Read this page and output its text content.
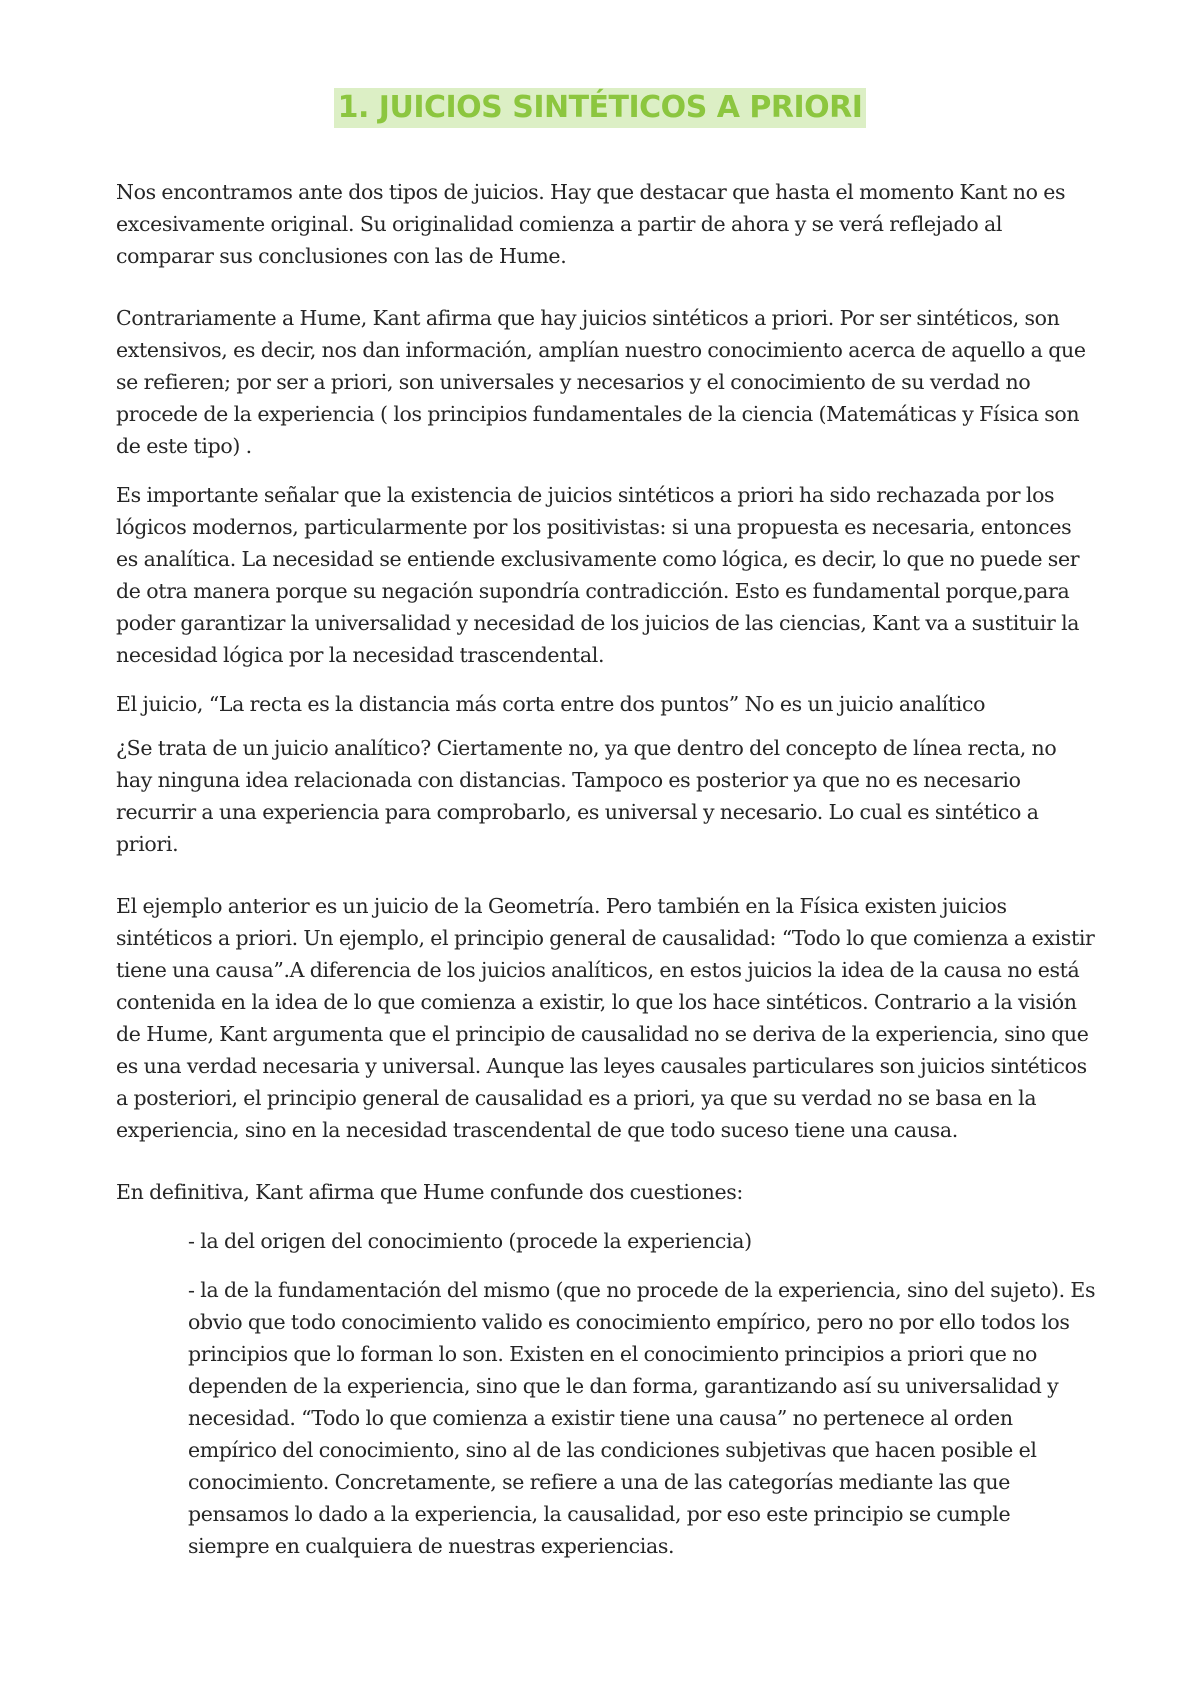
1. JUICIOS SINTÉTICOS A PRIORI

Nos encontramos ante dos tipos de juicios. Hay que destacar que hasta el momento Kant no es excesivamente original. Su originalidad comienza a partir de ahora y se verá reflejado al comparar sus conclusiones con las de Hume.

Contrariamente a Hume, Kant afirma que hay juicios sintéticos a priori. Por ser sintéticos, son extensivos, es decir, nos dan información, amplían nuestro conocimiento acerca de aquello a que se refieren; por ser a priori, son universales y necesarios y el conocimiento de su verdad no procede de la experiencia ( los principios fundamentales de la ciencia (Matemáticas y Física son de este tipo) .

Es importante señalar que la existencia de juicios sintéticos a priori ha sido rechazada por los lógicos modernos, particularmente por los positivistas: si una propuesta es necesaria, entonces es analítica. La necesidad se entiende exclusivamente como lógica, es decir, lo que no puede ser de otra manera porque su negación supondría contradicción. Esto es fundamental porque,para poder garantizar la universalidad y necesidad de los juicios de las ciencias, Kant va a sustituir la necesidad lógica por la necesidad trascendental.

El juicio, “La recta es la distancia más corta entre dos puntos” No es un juicio analítico

¿Se trata de un juicio analítico? Ciertamente no, ya que dentro del concepto de línea recta, no hay ninguna idea relacionada con distancias. Tampoco es posterior ya que no es necesario recurrir a una experiencia para comprobarlo, es universal y necesario. Lo cual es sintético a priori.

El ejemplo anterior es un juicio de la Geometría. Pero también en la Física existen juicios sintéticos a priori. Un ejemplo, el principio general de causalidad: “Todo lo que comienza a existir tiene una causa”.A diferencia de los juicios analíticos, en estos juicios la idea de la causa no está contenida en la idea de lo que comienza a existir, lo que los hace sintéticos. Contrario a la visión de Hume, Kant argumenta que el principio de causalidad no se deriva de la experiencia, sino que es una verdad necesaria y universal. Aunque las leyes causales particulares son juicios sintéticos a posteriori, el principio general de causalidad es a priori, ya que su verdad no se basa en la experiencia, sino en la necesidad trascendental de que todo suceso tiene una causa.

En definitiva, Kant afirma que Hume confunde dos cuestiones:

- la del origen del conocimiento (procede la experiencia)

- la de la fundamentación del mismo (que no procede de la experiencia, sino del sujeto). Es obvio que todo conocimiento valido es conocimiento empírico, pero no por ello todos los principios que lo forman lo son. Existen en el conocimiento principios a priori que no dependen de la experiencia, sino que le dan forma, garantizando así su universalidad y necesidad. “Todo lo que comienza a existir tiene una causa” no pertenece al orden empírico del conocimiento, sino al de las condiciones subjetivas que hacen posible el conocimiento. Concretamente, se refiere a una de las categorías mediante las que pensamos lo dado a la experiencia, la causalidad, por eso este principio se cumple siempre en cualquiera de nuestras experiencias.
